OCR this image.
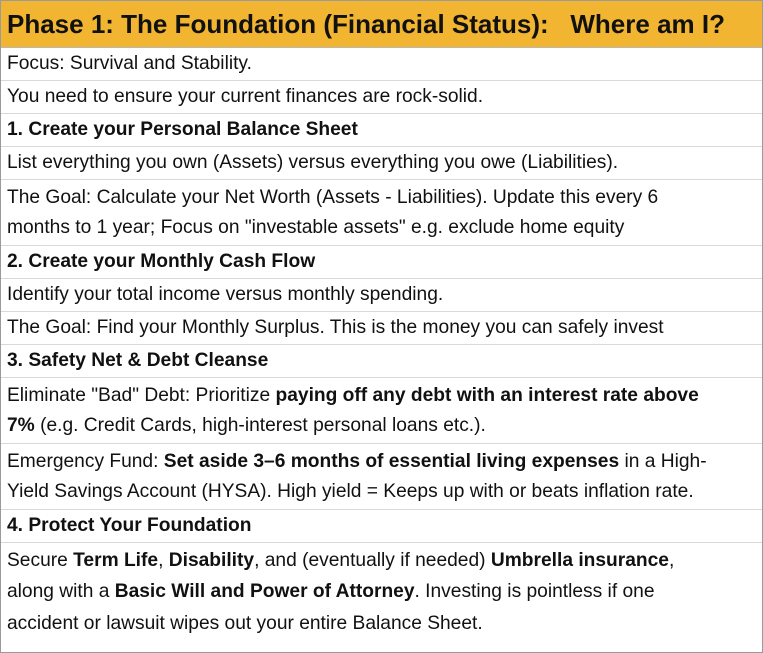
Phase 1: The Foundation (Financial Status):   Where am I?
Focus: Survival and Stability.
You need to ensure your current finances are rock-solid.
1. Create your Personal Balance Sheet
List everything you own (Assets) versus everything you owe (Liabilities).
The Goal: Calculate your Net Worth (Assets - Liabilities). Update this every 6
months to 1 year; Focus on "investable assets" e.g. exclude home equity
2. Create your Monthly Cash Flow
Identify your total income versus monthly spending.
The Goal: Find your Monthly Surplus. This is the money you can safely invest
3. Safety Net & Debt Cleanse
Eliminate "Bad" Debt: Prioritize paying off any debt with an interest rate above
7% (e.g. Credit Cards, high-interest personal loans etc.).
Emergency Fund: Set aside 3–6 months of essential living expenses in a High-
Yield Savings Account (HYSA). High yield = Keeps up with or beats inflation rate.
4. Protect Your Foundation
Secure Term Life, Disability, and (eventually if needed) Umbrella insurance,
along with a Basic Will and Power of Attorney. Investing is pointless if one
accident or lawsuit wipes out your entire Balance Sheet.
